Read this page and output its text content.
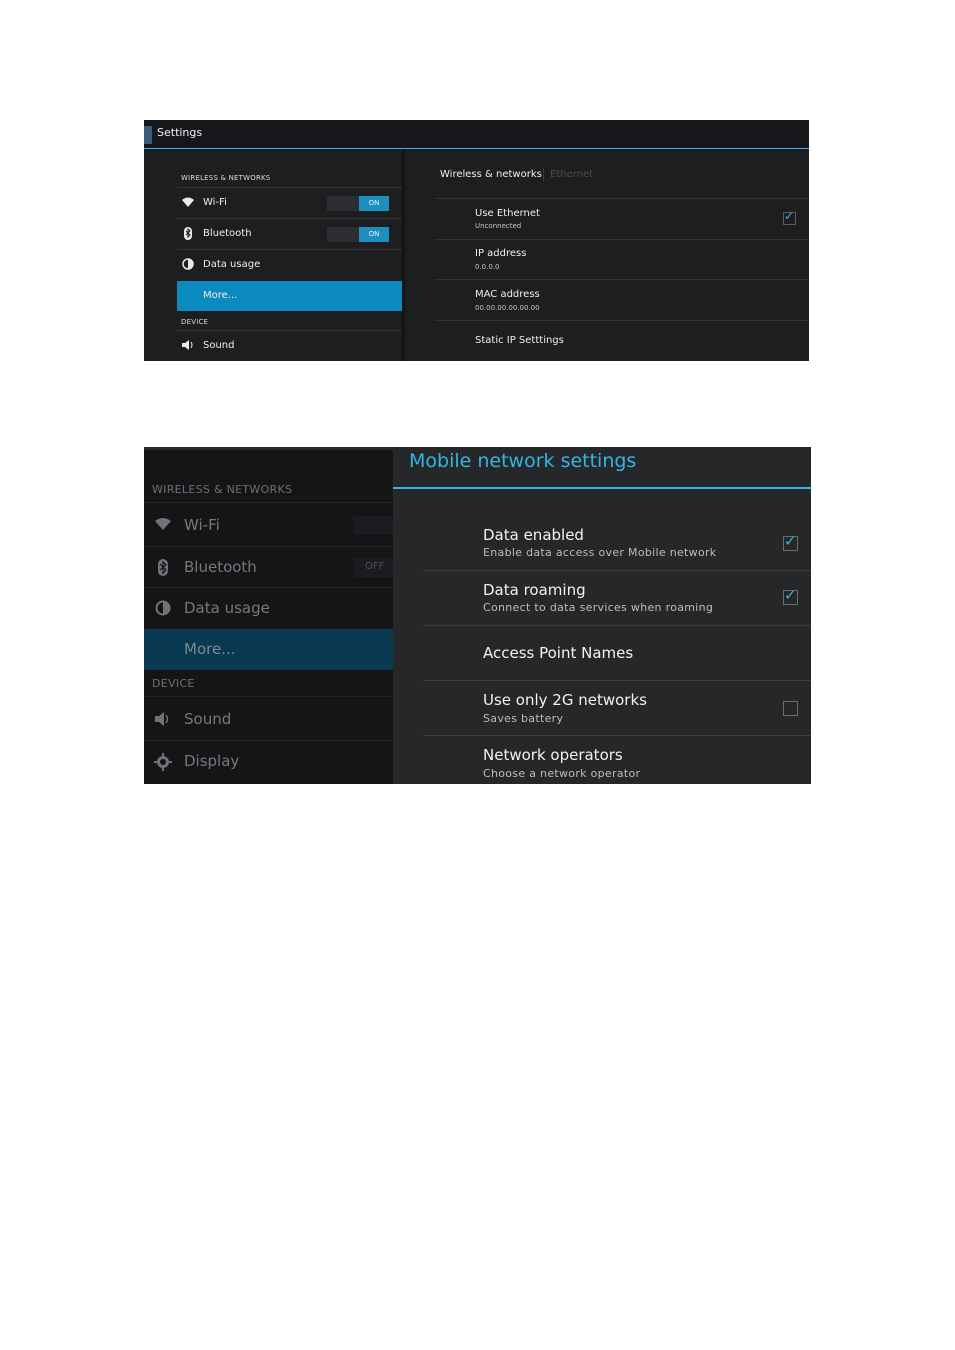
Settings
WIRELESS & NETWORKS
Wi-Fi	ON
Bluetooth	ON
Data usage
More...
DEVICE
Sound
Wireless & networks Ethernet
Use Ethernet
Unconnected
✓
IP address
0.0.0.0
MAC address
00.00.00.00.00.00
Static IP Setttings
WIRELESS & NETWORKS
Wi-Fi
Bluetooth	OFF
Data usage
More...
DEVICE
Sound
Display
Mobile network settings
Data enabled
Enable data access over Mobile network
✓
Data roaming
Connect to data services when roaming
✓
Access Point Names
Use only 2G networks
Saves battery
Network operators
Choose a network operator
